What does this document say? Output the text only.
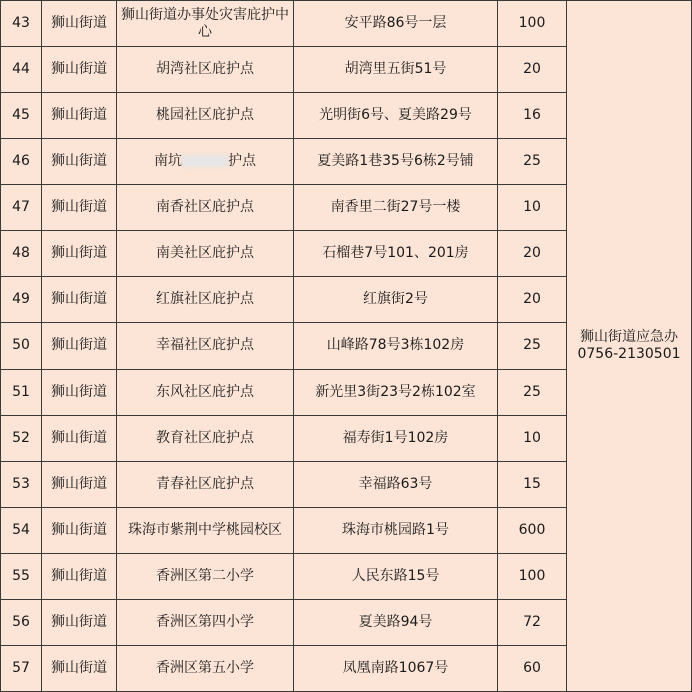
43	狮山街道	狮山街道办事处灾害庇护中心	安平路86号一层	100	狮山街道应急办
0756-2130501

44	狮山街道	胡湾社区庇护点	胡湾里五街51号	20	
45	狮山街道	桃园社区庇护点	光明街6号、夏美路29号	16	
46	狮山街道	南坑 护点	夏美路1巷35号6栋2号铺	25	
47	狮山街道	南香社区庇护点	南香里二街27号一楼	10	
48	狮山街道	南美社区庇护点	石榴巷7号101、201房	20	
49	狮山街道	红旗社区庇护点	红旗街2号	20	
50	狮山街道	幸福社区庇护点	山峰路78号3栋102房	25	
51	狮山街道	东风社区庇护点	新光里3街23号2栋102室	25	
52	狮山街道	教育社区庇护点	福寿街1号102房	10	
53	狮山街道	青春社区庇护点	幸福路63号	15	
54	狮山街道	珠海市紫荆中学桃园校区	珠海市桃园路1号	600	
55	狮山街道	香洲区第二小学	人民东路15号	100	
56	狮山街道	香洲区第四小学	夏美路94号	72	
57	狮山街道	香洲区第五小学	凤凰南路1067号	60	
